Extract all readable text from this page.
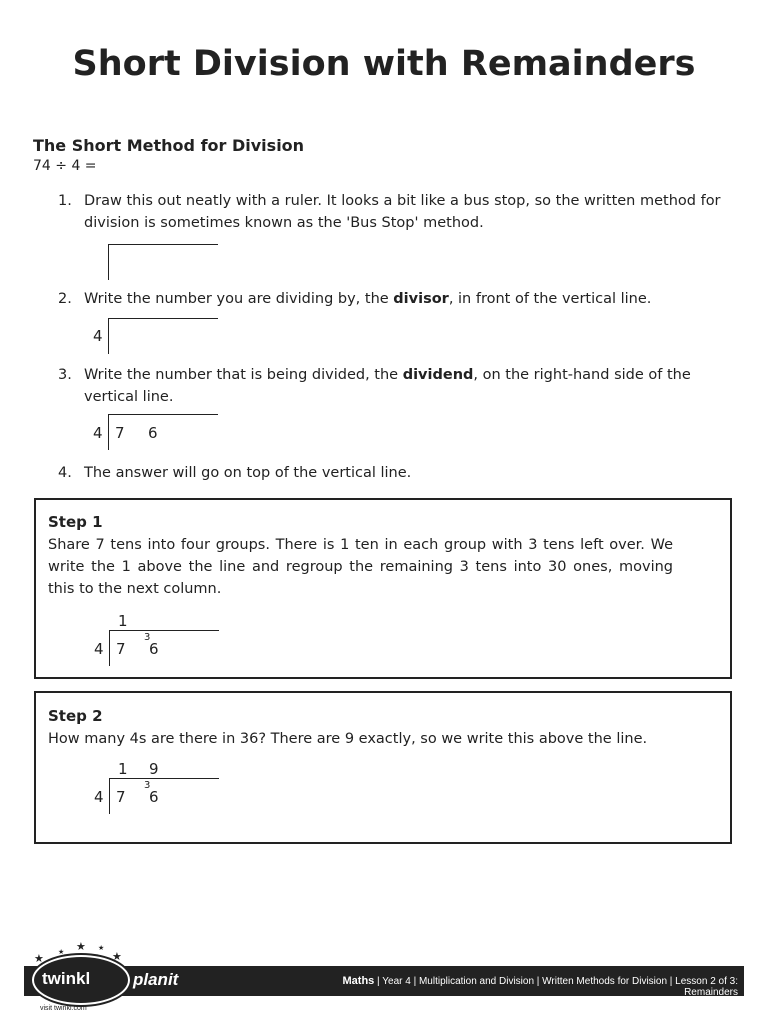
Short Division with Remainders
The Short Method for Division
74 ÷ 4 =
1. Draw this out neatly with a ruler. It looks a bit like a bus stop, so the written method for division is sometimes known as the 'Bus Stop' method.
2. Write the number you are dividing by, the divisor, in front of the vertical line.
4
3. Write the number that is being divided, the dividend, on the right-hand side of the vertical line.
4 7 6
4. The answer will go on top of the vertical line.
Step 1
Share 7 tens into four groups. There is 1 ten in each group with 3 tens left over. We write the 1 above the line and regroup the remaining 3 tens into 30 ones, moving this to the next column.
1
4 7
3
6
Step 2
How many 4s are there in 36? There are 9 exactly, so we write this above the line.
1 9
4 7
3
6
twinkl	planit
★
★
★
★	★
visit twinkl.com
Maths | Year 4 | Multiplication and Division | Written Methods for Division | Lesson 2 of 3: Remainders
